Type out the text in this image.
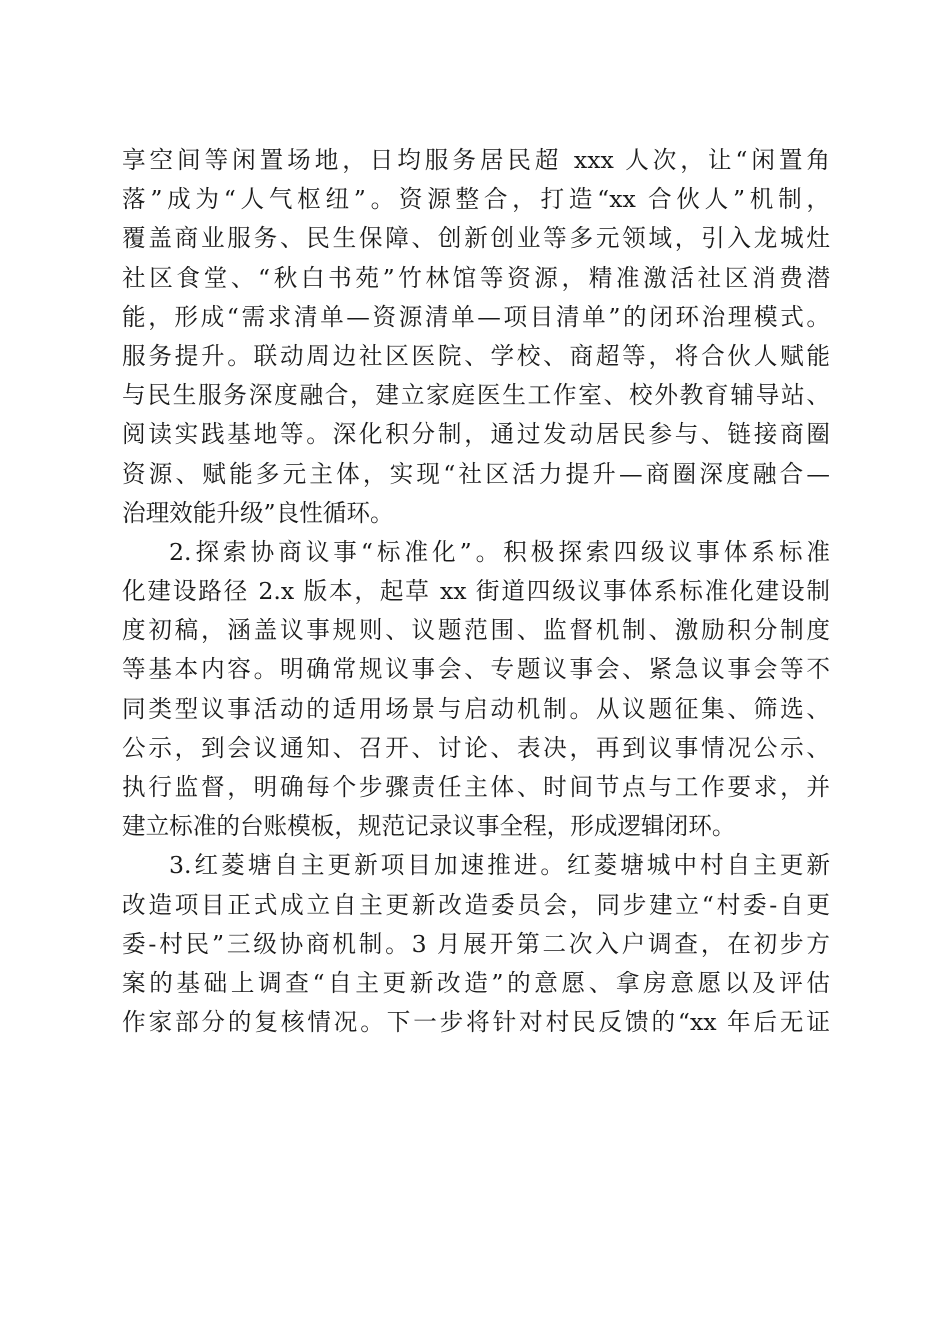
享空间等闲置场地，日均服务居民超 xxx 人次，让“闲置角
落”成为“人气枢纽”。资源整合，打造“xx 合伙人”机制，
覆盖商业服务、民生保障、创新创业等多元领域，引入龙城灶
社区食堂、“秋白书苑”竹林馆等资源，精准激活社区消费潜
能，形成“需求清单—资源清单—项目清单”的闭环治理模式。
服务提升。联动周边社区医院、学校、商超等，将合伙人赋能
与民生服务深度融合，建立家庭医生工作室、校外教育辅导站、
阅读实践基地等。深化积分制，通过发动居民参与、链接商圈
资源、赋能多元主体，实现“社区活力提升—商圈深度融合—
治理效能升级”良性循环。
2.探索协商议事“标准化”。积极探索四级议事体系标准
化建设路径 2.x 版本，起草 xx 街道四级议事体系标准化建设制
度初稿，涵盖议事规则、议题范围、监督机制、激励积分制度
等基本内容。明确常规议事会、专题议事会、紧急议事会等不
同类型议事活动的适用场景与启动机制。从议题征集、筛选、
公示，到会议通知、召开、讨论、表决，再到议事情况公示、
执行监督，明确每个步骤责任主体、时间节点与工作要求，并
建立标准的台账模板，规范记录议事全程，形成逻辑闭环。
3.红菱塘自主更新项目加速推进。红菱塘城中村自主更新
改造项目正式成立自主更新改造委员会，同步建立“村委-自更
委-村民”三级协商机制。3 月展开第二次入户调查，在初步方
案的基础上调查“自主更新改造”的意愿、拿房意愿以及评估
作家部分的复核情况。下一步将针对村民反馈的“xx 年后无证
